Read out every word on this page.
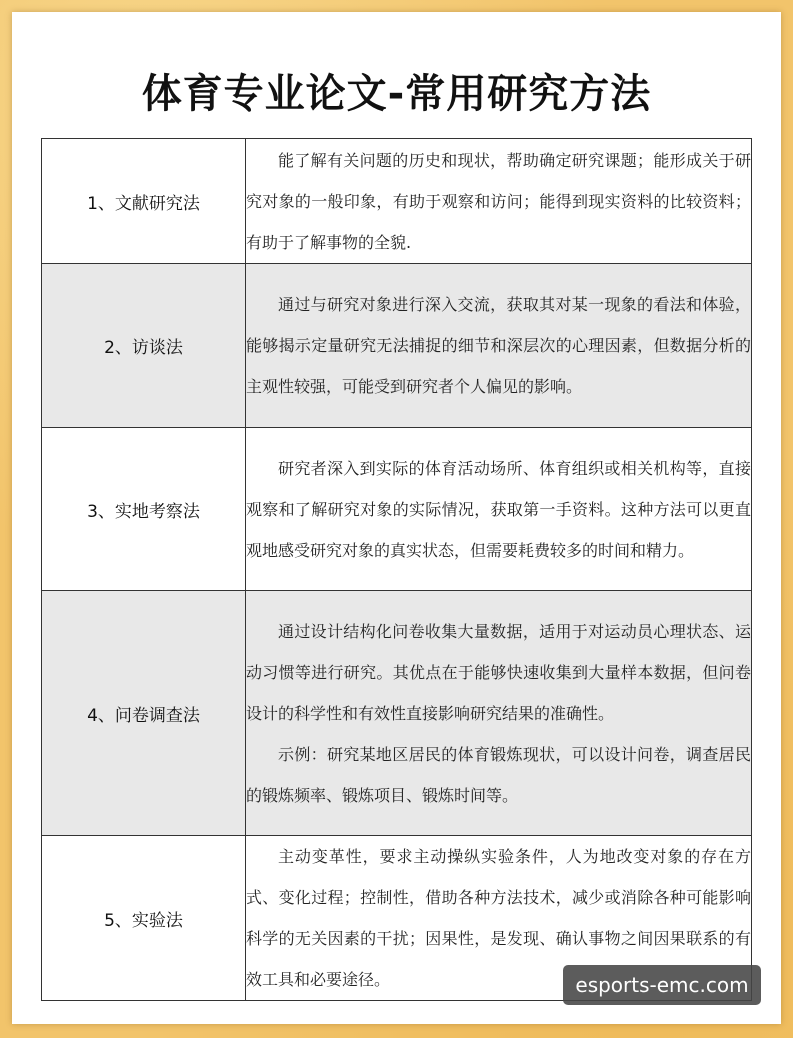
体育专业论文-常用研究方法
1、文献研究法	能了解有关问题的历史和现状，帮助确定研究课题；能形成关于研究对象的一般印象，有助于观察和访问；能得到现实资料的比较资料；有助于了解事物的全貌.

2、访谈法	通过与研究对象进行深入交流，获取其对某一现象的看法和体验，能够揭示定量研究无法捕捉的细节和深层次的心理因素，但数据分析的主观性较强，可能受到研究者个人偏见的影响。

3、实地考察法	研究者深入到实际的体育活动场所、体育组织或相关机构等，直接观察和了解研究对象的实际情况，获取第一手资料。这种方法可以更直观地感受研究对象的真实状态，但需要耗费较多的时间和精力。

4、问卷调查法	通过设计结构化问卷收集大量数据，适用于对运动员心理状态、运动习惯等进行研究。其优点在于能够快速收集到大量样本数据，但问卷设计的科学性和有效性直接影响研究结果的准确性。

示例：研究某地区居民的体育锻炼现状，可以设计问卷，调查居民的锻炼频率、锻炼项目、锻炼时间等。

5、实验法	主动变革性，要求主动操纵实验条件，人为地改变对象的存在方式、变化过程；控制性，借助各种方法技术，减少或消除各种可能影响科学的无关因素的干扰；因果性，是发现、确认事物之间因果联系的有效工具和必要途径。	esports-emc.com
